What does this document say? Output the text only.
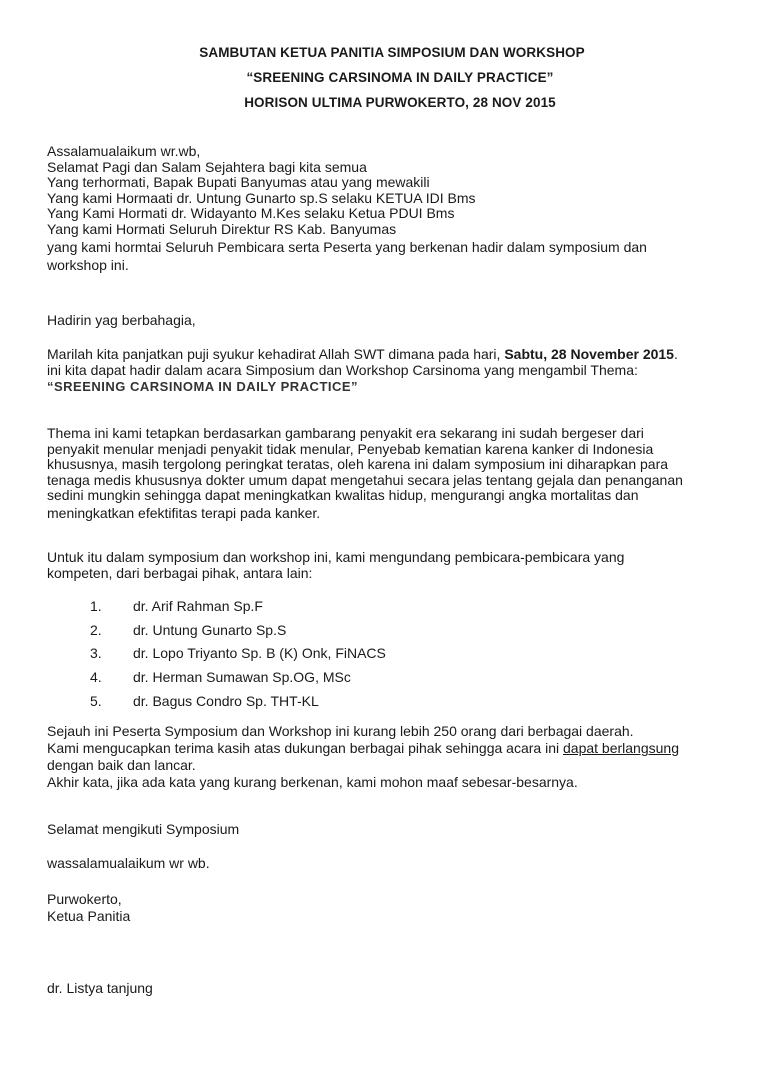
SAMBUTAN KETUA PANITIA SIMPOSIUM DAN WORKSHOP
“SREENING CARSINOMA IN DAILY PRACTICE”
HORISON ULTIMA PURWOKERTO, 28 NOV 2015
Assalamualaikum wr.wb,
Selamat Pagi dan Salam Sejahtera bagi kita semua
Yang terhormati, Bapak Bupati Banyumas atau yang mewakili
Yang kami Hormaati dr. Untung Gunarto sp.S selaku KETUA IDI Bms
Yang Kami Hormati dr. Widayanto M.Kes selaku Ketua PDUI Bms
Yang kami Hormati Seluruh Direktur RS Kab. Banyumas
yang kami hormtai Seluruh Pembicara serta Peserta yang berkenan hadir dalam symposium dan
workshop ini.
Hadirin yag berbahagia,
Marilah kita panjatkan puji syukur kehadirat Allah SWT dimana pada hari, Sabtu, 28 November 2015.
ini kita dapat hadir dalam acara Simposium dan Workshop Carsinoma yang mengambil Thema:
“SREENING CARSINOMA IN DAILY PRACTICE”
Thema ini kami tetapkan berdasarkan gambarang penyakit era sekarang ini sudah bergeser dari
penyakit menular menjadi penyakit tidak menular, Penyebab kematian karena kanker di Indonesia
khususnya, masih tergolong peringkat teratas, oleh karena ini dalam symposium ini diharapkan para
tenaga medis khususnya dokter umum dapat mengetahui secara jelas tentang gejala dan penanganan
sedini mungkin sehingga dapat meningkatkan kwalitas hidup, mengurangi angka mortalitas dan
meningkatkan efektifitas terapi pada kanker.
Untuk itu dalam symposium dan workshop ini, kami mengundang pembicara-pembicara yang
kompeten, dari berbagai pihak, antara lain:
1.	dr. Arif Rahman Sp.F
2.	dr. Untung Gunarto Sp.S
3.	dr. Lopo Triyanto Sp. B (K) Onk, FiNACS
4.	dr. Herman Sumawan Sp.OG, MSc
5.	dr. Bagus Condro Sp. THT-KL
Sejauh ini Peserta Symposium dan Workshop ini kurang lebih 250 orang dari berbagai daerah.
Kami mengucapkan terima kasih atas dukungan berbagai pihak sehingga acara ini dapat berlangsung
dengan baik dan lancar.
Akhir kata, jika ada kata yang kurang berkenan, kami mohon maaf sebesar-besarnya.
Selamat mengikuti Symposium
wassalamualaikum wr wb.
Purwokerto,
Ketua Panitia
dr. Listya tanjung
